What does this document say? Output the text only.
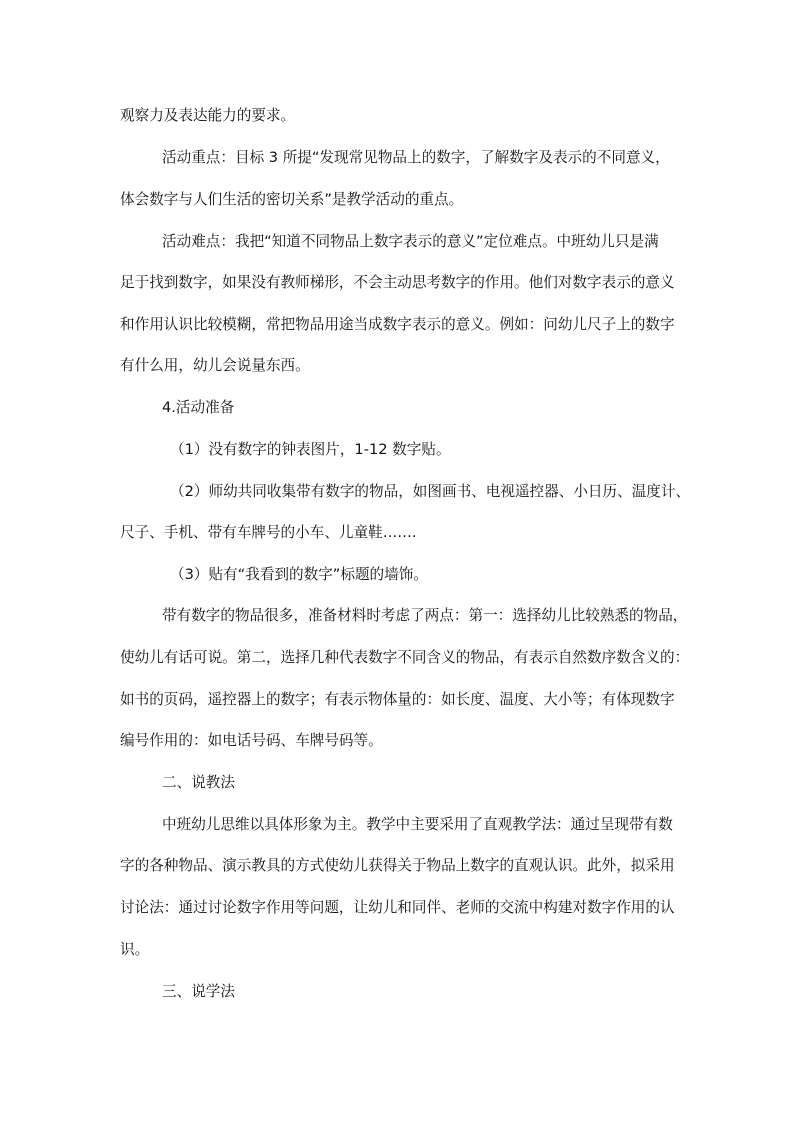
观察力及表达能力的要求。
活动重点：目标 3 所提“发现常见物品上的数字，了解数字及表示的不同意义，
体会数字与人们生活的密切关系”是教学活动的重点。
活动难点：我把“知道不同物品上数字表示的意义”定位难点。中班幼儿只是满
足于找到数字，如果没有教师梯形，不会主动思考数字的作用。他们对数字表示的意义
和作用认识比较模糊，常把物品用途当成数字表示的意义。例如：问幼儿尺子上的数字
有什么用，幼儿会说量东西。
4.活动准备
（1）没有数字的钟表图片，1-12 数字贴。
（2）师幼共同收集带有数字的物品，如图画书、电视遥控器、小日历、温度计、
尺子、手机、带有车牌号的小车、儿童鞋…….
（3）贴有“我看到的数字”标题的墙饰。
带有数字的物品很多，准备材料时考虑了两点：第一：选择幼儿比较熟悉的物品，
使幼儿有话可说。第二，选择几种代表数字不同含义的物品，有表示自然数序数含义的：
如书的页码，遥控器上的数字；有表示物体量的：如长度、温度、大小等；有体现数字
编号作用的：如电话号码、车牌号码等。
二、说教法
中班幼儿思维以具体形象为主。教学中主要采用了直观教学法：通过呈现带有数
字的各种物品、演示教具的方式使幼儿获得关于物品上数字的直观认识。此外，拟采用
讨论法：通过讨论数字作用等问题，让幼儿和同伴、老师的交流中构建对数字作用的认
识。
三、说学法
